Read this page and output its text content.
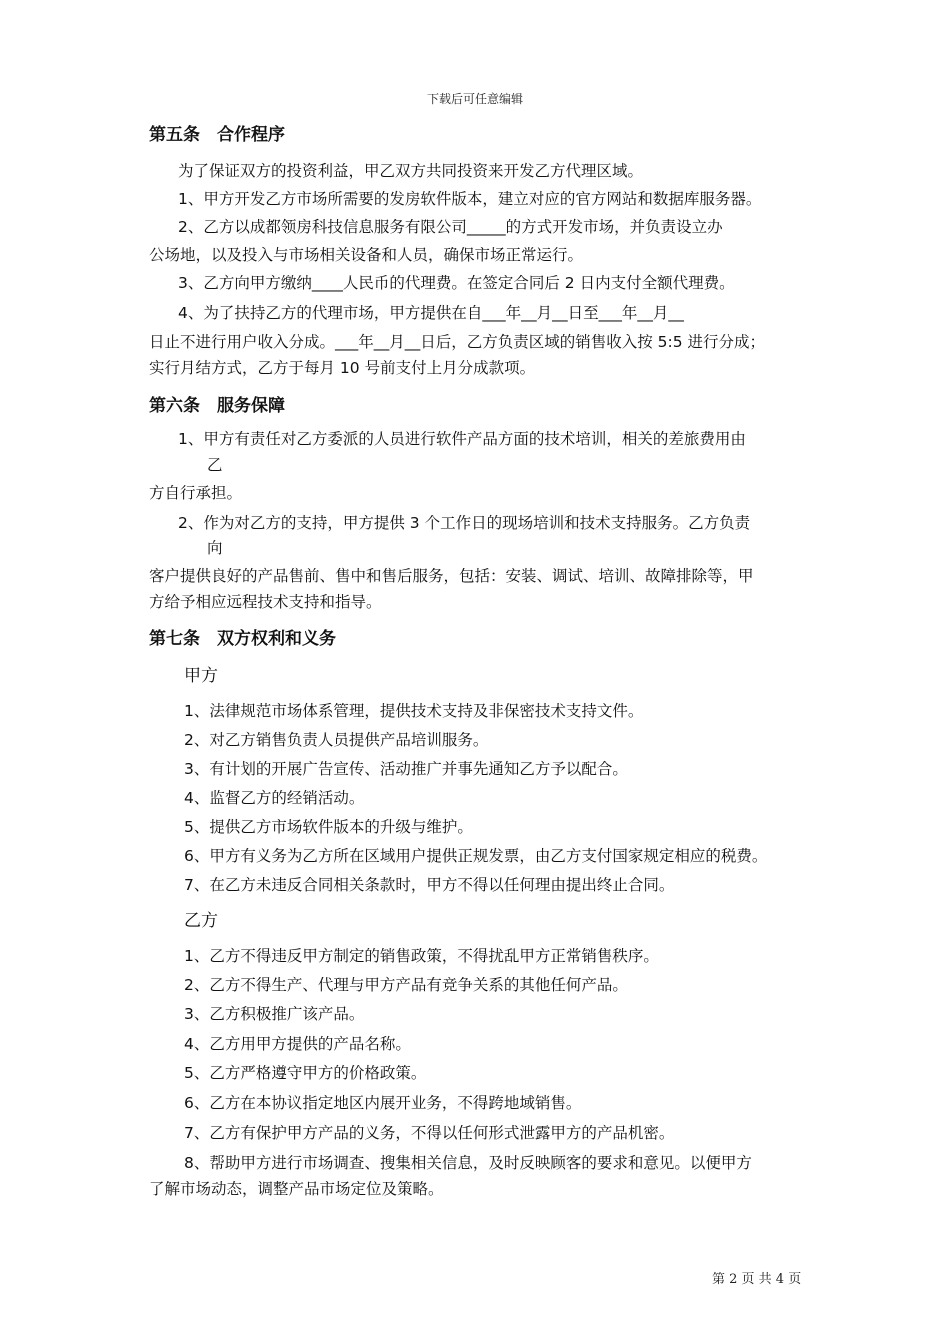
下载后可任意编辑
第五条　合作程序
为了保证双方的投资利益，甲乙双方共同投资来开发乙方代理区域。
1、甲方开发乙方市场所需要的发房软件版本，建立对应的官方网站和数据库服务器。
2、乙方以成都领房科技信息服务有限公司_____的方式开发市场，并负责设立办
公场地，以及投入与市场相关设备和人员，确保市场正常运行。
3、乙方向甲方缴纳____人民币的代理费。在签定合同后 2 日内支付全额代理费。
4、为了扶持乙方的代理市场，甲方提供在自___年__月__日至___年__月__
日止不进行用户收入分成。___年__月__日后，乙方负责区域的销售收入按 5:5 进行分成；
实行月结方式，乙方于每月 10 号前支付上月分成款项。
第六条　服务保障
1、甲方有责任对乙方委派的人员进行软件产品方面的技术培训，相关的差旅费用由
乙
方自行承担。
2、作为对乙方的支持，甲方提供 3 个工作日的现场培训和技术支持服务。乙方负责
向
客户提供良好的产品售前、售中和售后服务，包括：安装、调试、培训、故障排除等，甲
方给予相应远程技术支持和指导。
第七条　双方权利和义务
甲方
1、法律规范市场体系管理，提供技术支持及非保密技术支持文件。
2、对乙方销售负责人员提供产品培训服务。
3、有计划的开展广告宣传、活动推广并事先通知乙方予以配合。
4、监督乙方的经销活动。
5、提供乙方市场软件版本的升级与维护。
6、甲方有义务为乙方所在区域用户提供正规发票，由乙方支付国家规定相应的税费。
7、在乙方未违反合同相关条款时，甲方不得以任何理由提出终止合同。
乙方
1、乙方不得违反甲方制定的销售政策，不得扰乱甲方正常销售秩序。
2、乙方不得生产、代理与甲方产品有竞争关系的其他任何产品。
3、乙方积极推广该产品。
4、乙方用甲方提供的产品名称。
5、乙方严格遵守甲方的价格政策。
6、乙方在本协议指定地区内展开业务，不得跨地域销售。
7、乙方有保护甲方产品的义务，不得以任何形式泄露甲方的产品机密。
8、帮助甲方进行市场调查、搜集相关信息，及时反映顾客的要求和意见。以便甲方
了解市场动态，调整产品市场定位及策略。
第 2 页 共 4 页
